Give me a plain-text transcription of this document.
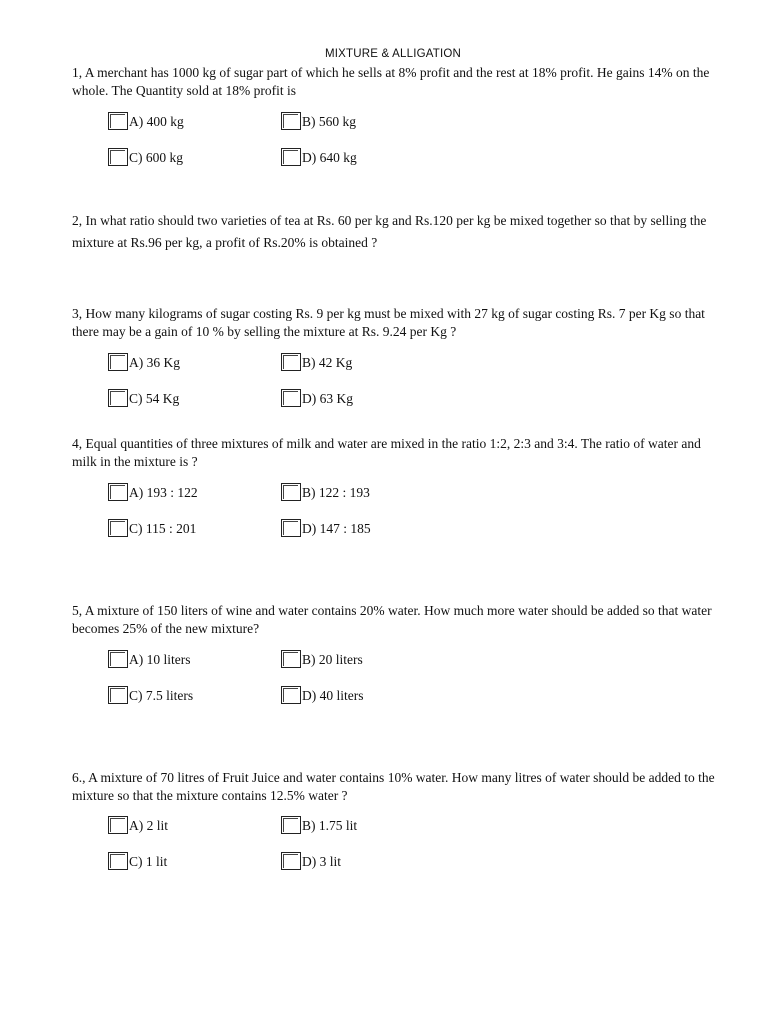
MIXTURE & ALLIGATION
1, A merchant has 1000 kg of sugar part of which he sells at 8% profit and the rest at 18% profit. He gains 14% on the whole. The Quantity sold at 18% profit is
A) 400 kg	B) 560 kg
C) 600 kg	D) 640 kg
2, In what ratio should two varieties of tea at Rs. 60 per kg and Rs.120 per kg be mixed together so that by selling the mixture at Rs.96 per kg, a profit of Rs.20% is obtained ?
3, How many kilograms of sugar costing Rs. 9 per kg must be mixed with 27 kg of sugar costing Rs. 7 per Kg so that there may be a gain of 10 % by selling the mixture at Rs. 9.24 per Kg ?
A) 36 Kg	B) 42 Kg
C) 54 Kg	D) 63 Kg
4, Equal quantities of three mixtures of milk and water are mixed in the ratio 1:2, 2:3 and 3:4. The ratio of water and milk in the mixture is ?
A) 193 : 122	B) 122 : 193
C) 115 : 201	D) 147 : 185
5, A mixture of 150 liters of wine and water contains 20% water. How much more water should be added so that water becomes 25% of the new mixture?
A) 10 liters	B) 20 liters
C) 7.5 liters	D) 40 liters
6., A mixture of 70 litres of Fruit Juice and water contains 10% water. How many litres of water should be added to the mixture so that the mixture contains 12.5% water ?
A) 2 lit	B) 1.75 lit
C) 1 lit	D) 3 lit
